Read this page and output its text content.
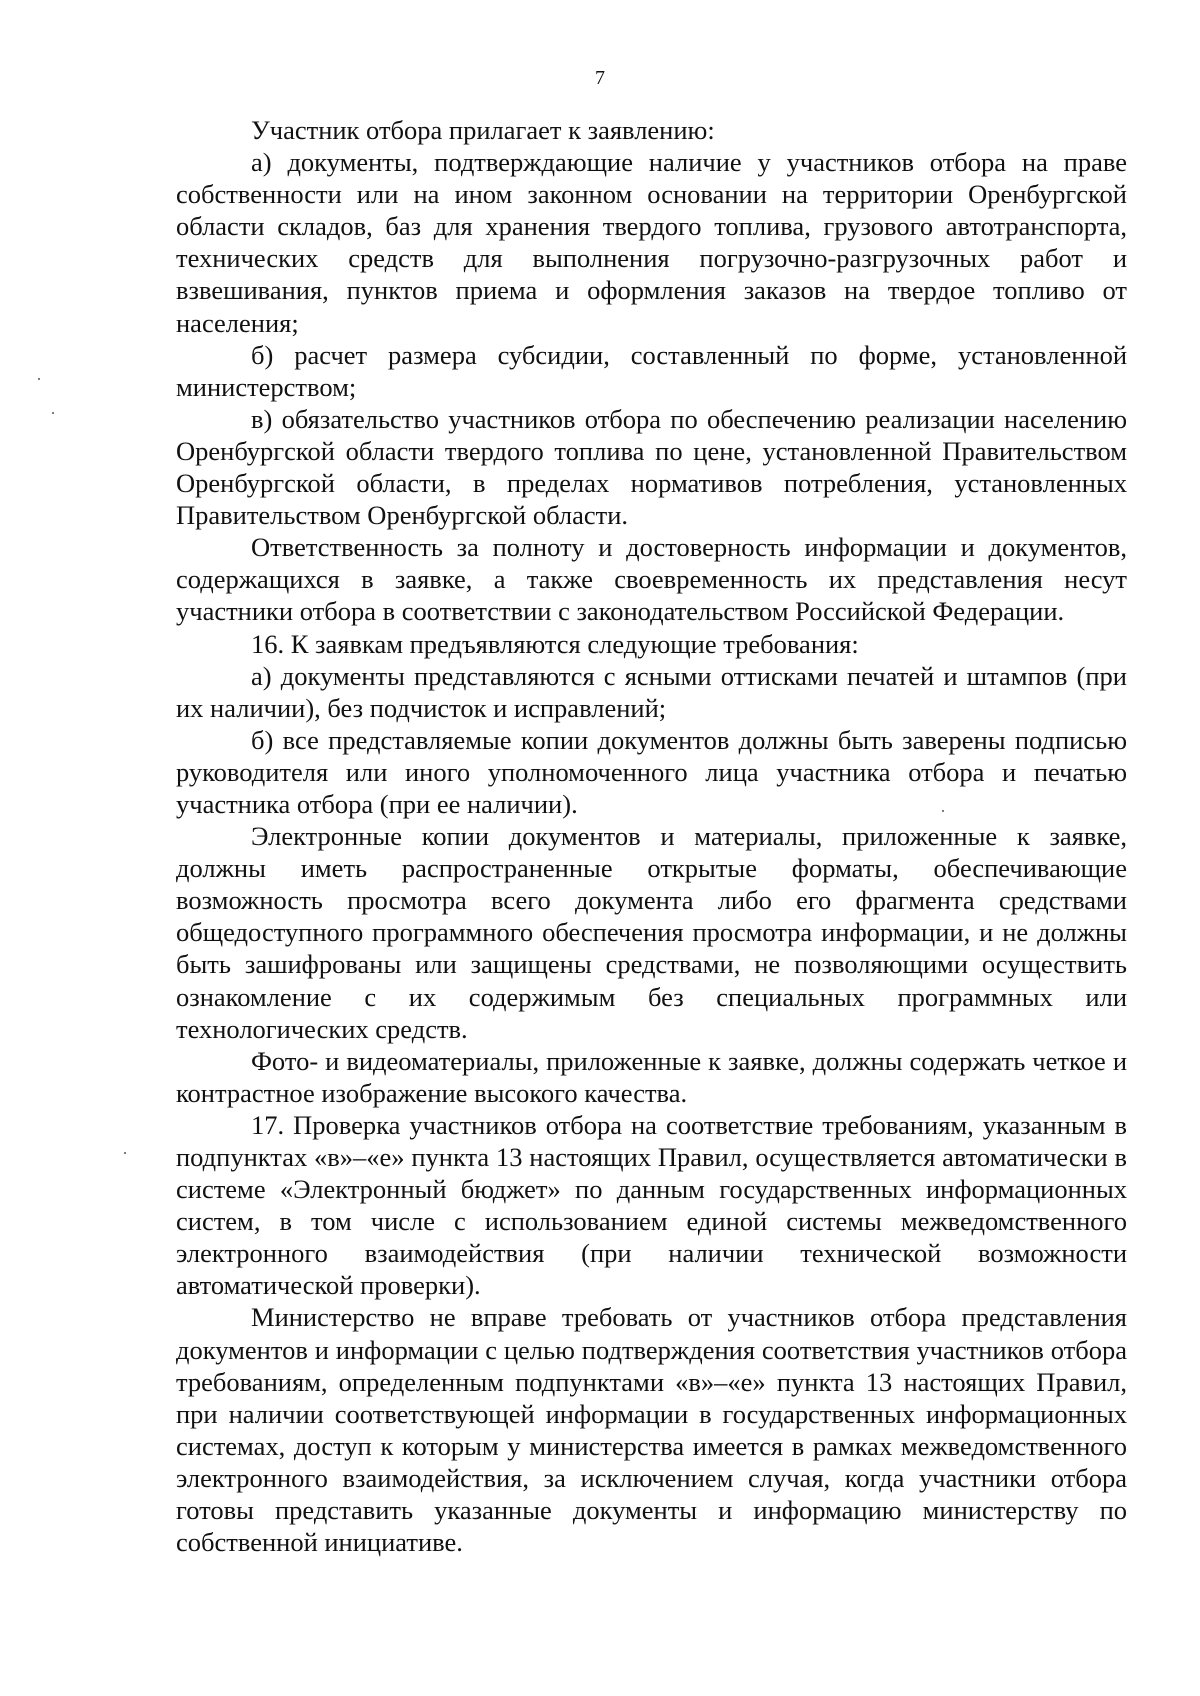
7

Участник отбора прилагает к заявлению:

а) документы, подтверждающие наличие у участников отбора на праве собственности или на ином законном основании на территории Оренбургской области складов, баз для хранения твердого топлива, грузового автотранспорта, технических средств для выполнения погрузочно-разгрузочных работ и взвешивания, пунктов приема и оформления заказов на твердое топливо от населения;

б) расчет размера субсидии, составленный по форме, установленной министерством;

в) обязательство участников отбора по обеспечению реализации населению Оренбургской области твердого топлива по цене, установленной Правительством Оренбургской области, в пределах нормативов потребления, установленных Правительством Оренбургской области.

Ответственность за полноту и достоверность информации и документов, содержащихся в заявке, а также своевременность их представления несут участники отбора в соответствии с законодательством Российской Федерации.

16. К заявкам предъявляются следующие требования:

а) документы представляются с ясными оттисками печатей и штампов (при их наличии), без подчисток и исправлений;

б) все представляемые копии документов должны быть заверены подписью руководителя или иного уполномоченного лица участника отбора и печатью участника отбора (при ее наличии).

Электронные копии документов и материалы, приложенные к заявке, должны иметь распространенные открытые форматы, обеспечивающие возможность просмотра всего документа либо его фрагмента средствами общедоступного программного обеспечения просмотра информации, и не должны быть зашифрованы или защищены средствами, не позволяющими осуществить ознакомление с их содержимым без специальных программных или технологических средств.

Фото- и видеоматериалы, приложенные к заявке, должны содержать четкое и контрастное изображение высокого качества.

17. Проверка участников отбора на соответствие требованиям, указанным в подпунктах «в»–«е» пункта 13 настоящих Правил, осуществляется автоматически в системе «Электронный бюджет» по данным государственных информационных систем, в том числе с использованием единой системы межведомственного электронного взаимодействия (при наличии технической возможности автоматической проверки).

Министерство не вправе требовать от участников отбора представления документов и информации с целью подтверждения соответствия участников отбора требованиям, определенным подпунктами «в»–«е» пункта 13 настоящих Правил, при наличии соответствующей информации в государственных информационных системах, доступ к которым у министерства имеется в рамках межведомственного электронного взаимодействия, за исключением случая, когда участники отбора готовы представить указанные документы и информацию министерству по собственной инициативе.
